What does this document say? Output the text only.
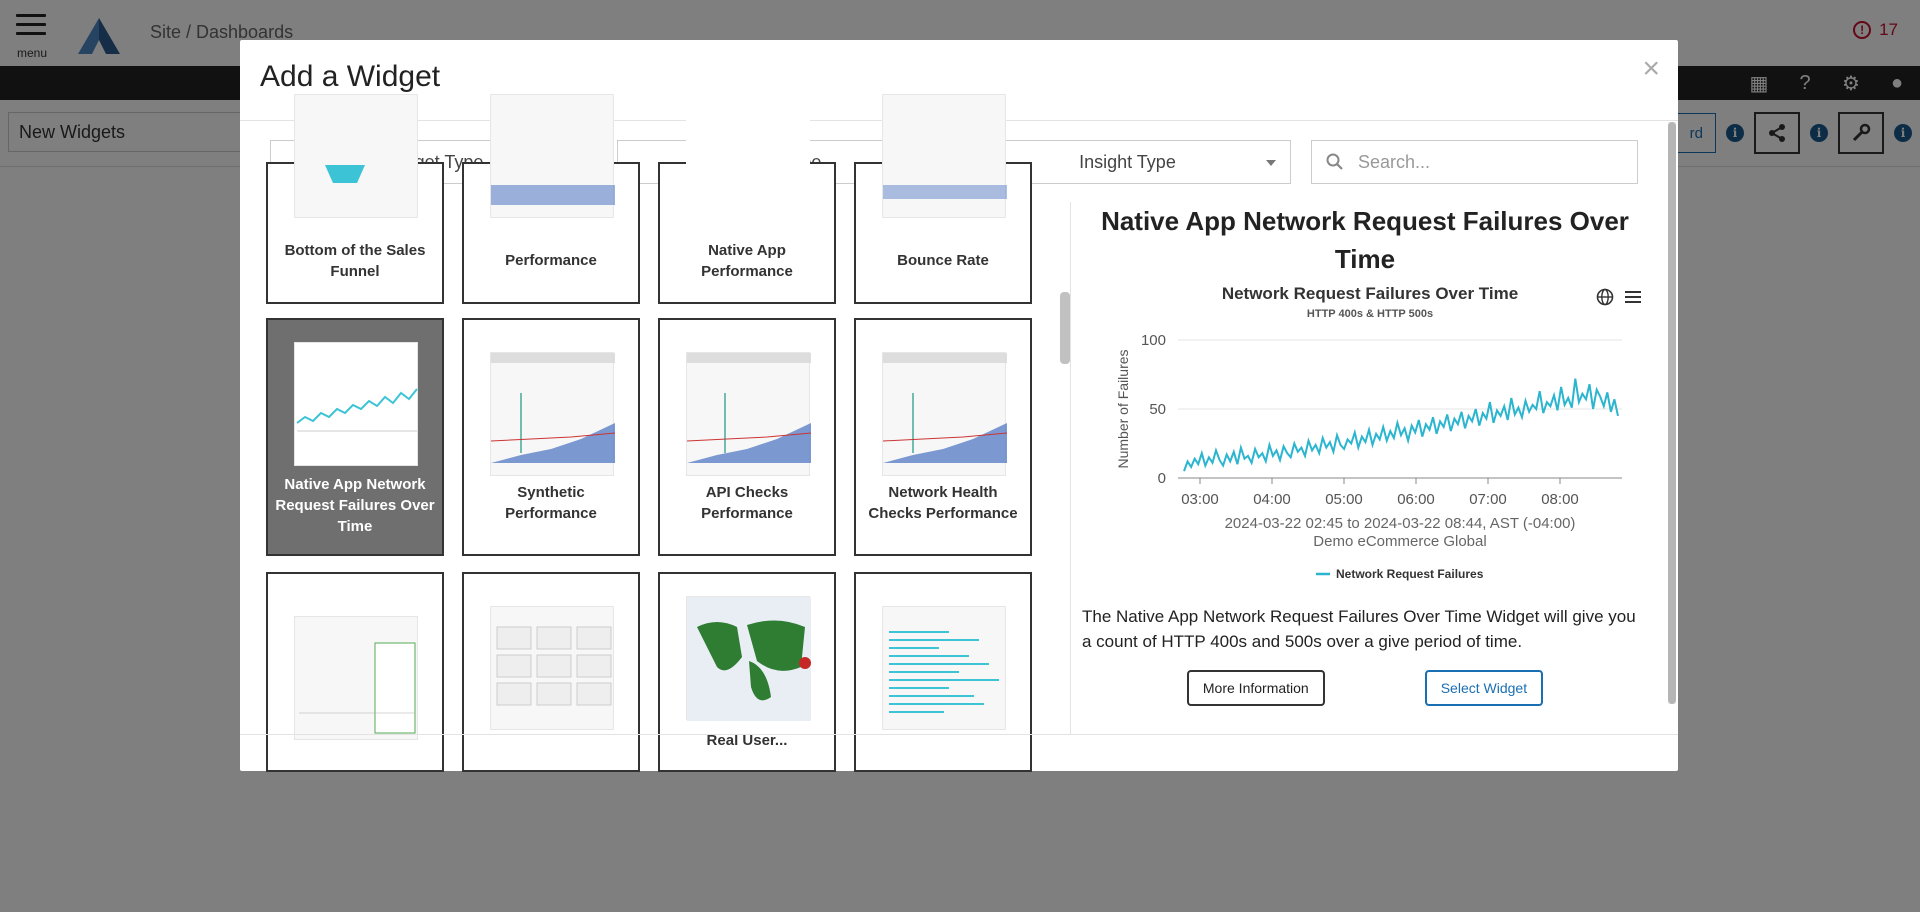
Add a Widget	×
Insight Type	Search...
Bottom of the Sales Funnel
Performance
Native App Performance
Bounce Rate
Native App Network Request Failures Over Time
Synthetic Performance
API Checks Performance
Network Health Checks Performance
Real User...
Native App Network Request Failures Over Time
Network Request Failures Over Time
HTTP 400s & HTTP 500s
100
50
0
Number of Failures
03:00 04:00 05:00 06:00 07:00 08:00
2024-03-22 02:45 to 2024-03-22 08:44, AST (-04:00)
Demo eCommerce Global
Network Request Failures
The Native App Network Request Failures Over Time Widget will give you a count of HTTP 400s and 500s over a give period of time.
More Information	Select Widget
